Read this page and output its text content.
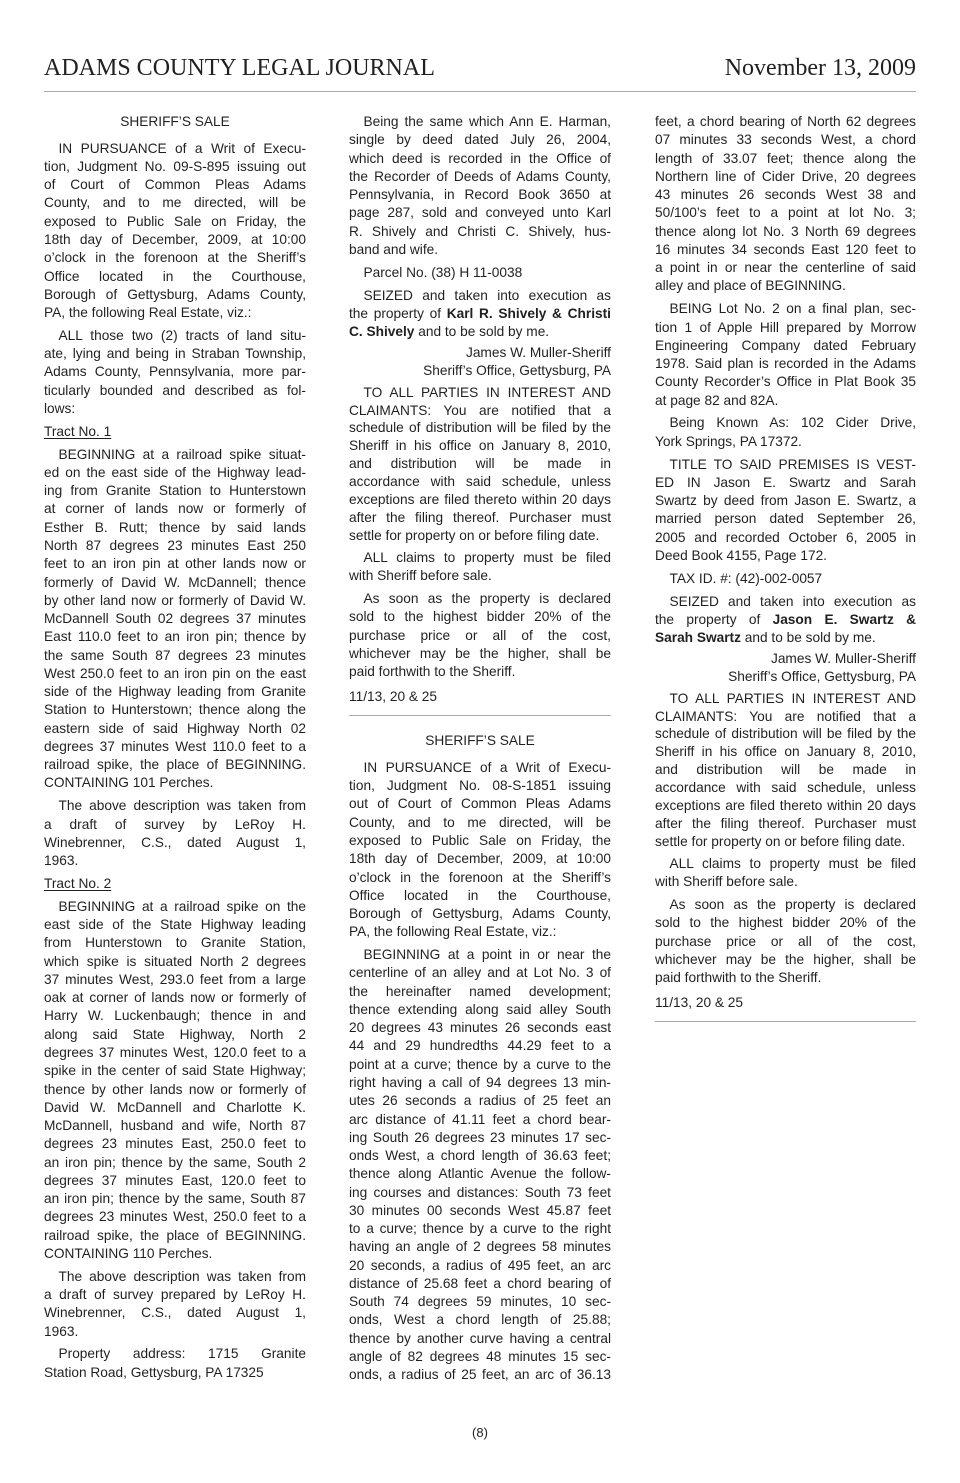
ADAMS COUNTY LEGAL JOURNAL	November 13, 2009
SHERIFF’S SALE
IN PURSUANCE of a Writ of Execu-
tion, Judgment No. 09-S-895 issuing out
of Court of Common Pleas Adams
County, and to me directed, will be
exposed to Public Sale on Friday, the
18th day of December, 2009, at 10:00
o’clock in the forenoon at the Sheriff’s
Office located in the Courthouse,
Borough of Gettysburg, Adams County,
PA, the following Real Estate, viz.:
ALL those two (2) tracts of land situ-
ate, lying and being in Straban Township,
Adams County, Pennsylvania, more par-
ticularly bounded and described as fol-
lows:
Tract No. 1
BEGINNING at a railroad spike situat-
ed on the east side of the Highway lead-
ing from Granite Station to Hunterstown
at corner of lands now or formerly of
Esther B. Rutt; thence by said lands
North 87 degrees 23 minutes East 250
feet to an iron pin at other lands now or
formerly of David W. McDannell; thence
by other land now or formerly of David W.
McDannell South 02 degrees 37 minutes
East 110.0 feet to an iron pin; thence by
the same South 87 degrees 23 minutes
West 250.0 feet to an iron pin on the east
side of the Highway leading from Granite
Station to Hunterstown; thence along the
eastern side of said Highway North 02
degrees 37 minutes West 110.0 feet to a
railroad spike, the place of BEGINNING.
CONTAINING 101 Perches.
The above description was taken from
a draft of survey by LeRoy H.
Winebrenner, C.S., dated August 1,
1963.
Tract No. 2
BEGINNING at a railroad spike on the
east side of the State Highway leading
from Hunterstown to Granite Station,
which spike is situated North 2 degrees
37 minutes West, 293.0 feet from a large
oak at corner of lands now or formerly of
Harry W. Luckenbaugh; thence in and
along said State Highway, North 2
degrees 37 minutes West, 120.0 feet to a
spike in the center of said State Highway;
thence by other lands now or formerly of
David W. McDannell and Charlotte K.
McDannell, husband and wife, North 87
degrees 23 minutes East, 250.0 feet to
an iron pin; thence by the same, South 2
degrees 37 minutes East, 120.0 feet to
an iron pin; thence by the same, South 87
degrees 23 minutes West, 250.0 feet to a
railroad spike, the place of BEGINNING.
CONTAINING 110 Perches.
The above description was taken from
a draft of survey prepared by LeRoy H.
Winebrenner, C.S., dated August 1,
1963.
Property address: 1715 Granite
Station Road, Gettysburg, PA 17325
Being the same which Ann E. Harman,
single by deed dated July 26, 2004,
which deed is recorded in the Office of
the Recorder of Deeds of Adams County,
Pennsylvania, in Record Book 3650 at
page 287, sold and conveyed unto Karl
R. Shively and Christi C. Shively, hus-
band and wife.
Parcel No. (38) H 11-0038
SEIZED and taken into execution as
the property of Karl R. Shively & Christi
C. Shively and to be sold by me.
James W. Muller-Sheriff
Sheriff’s Office, Gettysburg, PA
TO ALL PARTIES IN INTEREST AND
CLAIMANTS: You are notified that a
schedule of distribution will be filed by the
Sheriff in his office on January 8, 2010,
and distribution will be made in
accordance with said schedule, unless
exceptions are filed thereto within 20 days
after the filing thereof. Purchaser must
settle for property on or before filing date.
ALL claims to property must be filed
with Sheriff before sale.
As soon as the property is declared
sold to the highest bidder 20% of the
purchase price or all of the cost,
whichever may be the higher, shall be
paid forthwith to the Sheriff.
11/13, 20 & 25
SHERIFF’S SALE
IN PURSUANCE of a Writ of Execu-
tion, Judgment No. 08-S-1851 issuing
out of Court of Common Pleas Adams
County, and to me directed, will be
exposed to Public Sale on Friday, the
18th day of December, 2009, at 10:00
o’clock in the forenoon at the Sheriff’s
Office located in the Courthouse,
Borough of Gettysburg, Adams County,
PA, the following Real Estate, viz.:
BEGINNING at a point in or near the
centerline of an alley and at Lot No. 3 of
the hereinafter named development;
thence extending along said alley South
20 degrees 43 minutes 26 seconds east
44 and 29 hundredths 44.29 feet to a
point at a curve; thence by a curve to the
right having a call of 94 degrees 13 min-
utes 26 seconds a radius of 25 feet an
arc distance of 41.11 feet a chord bear-
ing South 26 degrees 23 minutes 17 sec-
onds West, a chord length of 36.63 feet;
thence along Atlantic Avenue the follow-
ing courses and distances: South 73 feet
30 minutes 00 seconds West 45.87 feet
to a curve; thence by a curve to the right
having an angle of 2 degrees 58 minutes
20 seconds, a radius of 495 feet, an arc
distance of 25.68 feet a chord bearing of
South 74 degrees 59 minutes, 10 sec-
onds, West a chord length of 25.88;
thence by another curve having a central
angle of 82 degrees 48 minutes 15 sec-
onds, a radius of 25 feet, an arc of 36.13
feet, a chord bearing of North 62 degrees
07 minutes 33 seconds West, a chord
length of 33.07 feet; thence along the
Northern line of Cider Drive, 20 degrees
43 minutes 26 seconds West 38 and
50/100’s feet to a point at lot No. 3;
thence along lot No. 3 North 69 degrees
16 minutes 34 seconds East 120 feet to
a point in or near the centerline of said
alley and place of BEGINNING.
BEING Lot No. 2 on a final plan, sec-
tion 1 of Apple Hill prepared by Morrow
Engineering Company dated February
1978. Said plan is recorded in the Adams
County Recorder’s Office in Plat Book 35
at page 82 and 82A.
Being Known As: 102 Cider Drive,
York Springs, PA 17372.
TITLE TO SAID PREMISES IS VEST-
ED IN Jason E. Swartz and Sarah
Swartz by deed from Jason E. Swartz, a
married person dated September 26,
2005 and recorded October 6, 2005 in
Deed Book 4155, Page 172.
TAX ID. #: (42)-002-0057
SEIZED and taken into execution as
the property of Jason E. Swartz &
Sarah Swartz and to be sold by me.
James W. Muller-Sheriff
Sheriff’s Office, Gettysburg, PA
TO ALL PARTIES IN INTEREST AND
CLAIMANTS: You are notified that a
schedule of distribution will be filed by the
Sheriff in his office on January 8, 2010,
and distribution will be made in
accordance with said schedule, unless
exceptions are filed thereto within 20 days
after the filing thereof. Purchaser must
settle for property on or before filing date.
ALL claims to property must be filed
with Sheriff before sale.
As soon as the property is declared
sold to the highest bidder 20% of the
purchase price or all of the cost,
whichever may be the higher, shall be
paid forthwith to the Sheriff.
11/13, 20 & 25
(8)
